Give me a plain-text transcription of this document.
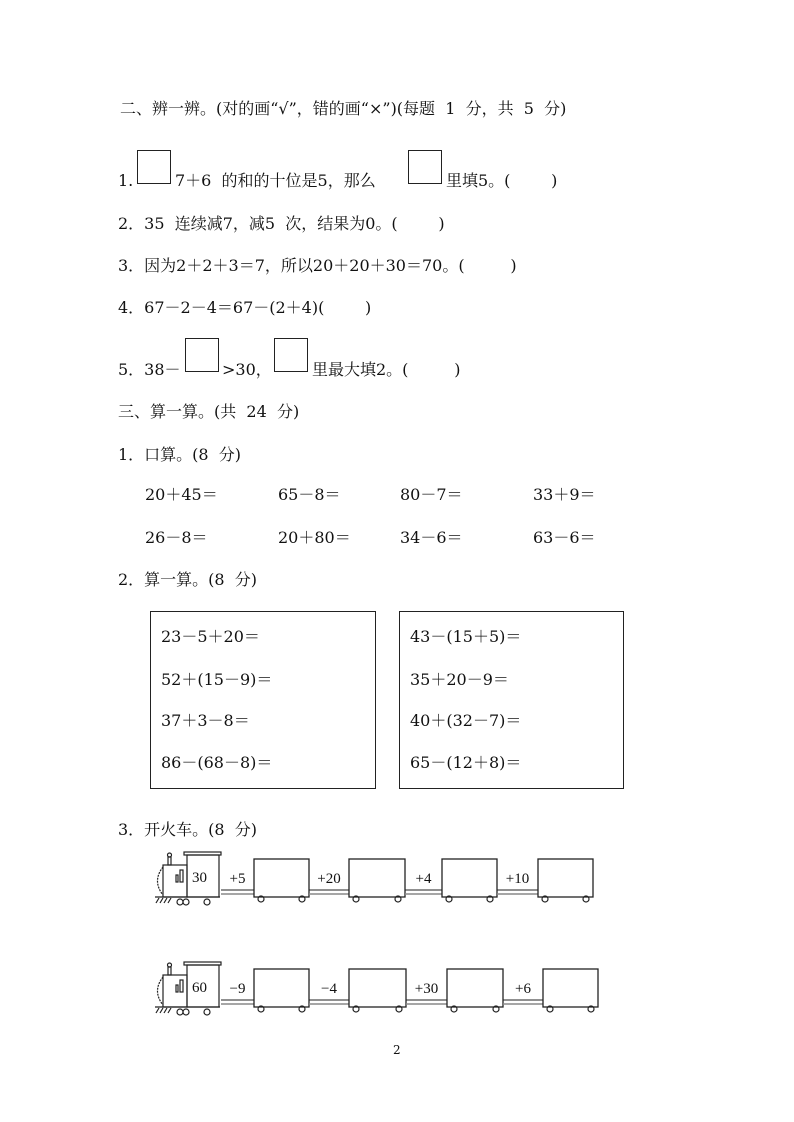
二、辨一辨。(对的画“√”，错的画“×”)(每题  1  分，共  5  分)
1.	7＋6  的和的十位是5，那么	里填5。(        )
2．35  连续减7，减5  次，结果为0。(        )
3．因为2＋2＋3＝7，所以20＋20＋30＝70。(         )
4．67－2－4＝67－(2＋4)(        )
5．38－	>30，	里最大填2。(         )
三、算一算。(共  24  分)
1．口算。(8  分)
20＋45＝	65－8＝	80－7＝	33＋9＝
26－8＝	20＋80＝	34－6＝	63－6＝
2．算一算。(8  分)
23－5＋20＝
52＋(15－9)＝
37＋3－8＝
86－(68－8)＝
43－(15＋5)＝
35＋20－9＝
40＋(32－7)＝
65－(12＋8)＝
3．开火车。(8  分)
30 +5	+20	+4	+10
60 −9	−4	+30	+6
2
